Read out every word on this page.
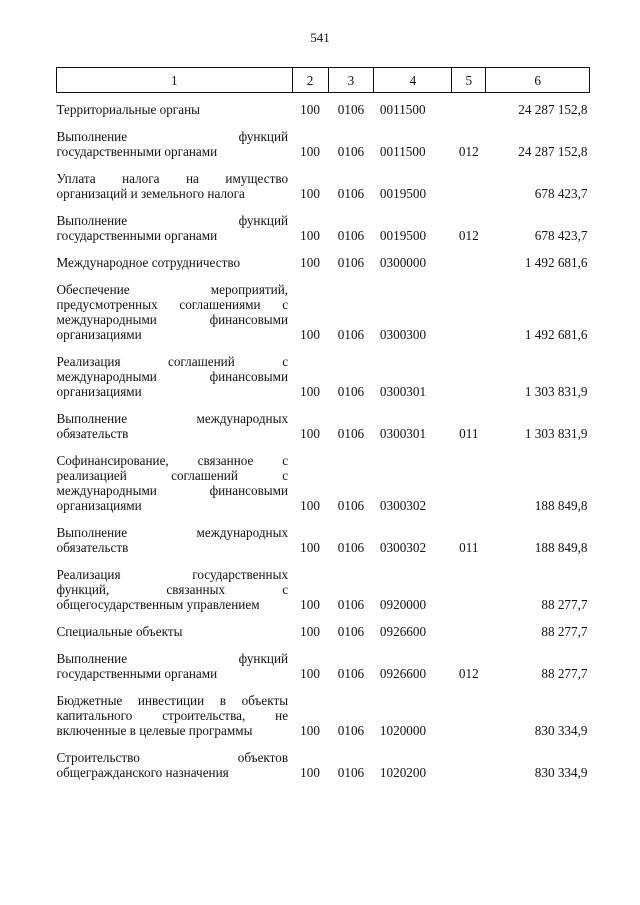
541
1	2	3	4	5	6

Территориальные органы	100	0106	0011500		24 287 152,8

Выполнение функций
государственными органами	100	0106	0011500	012	24 287 152,8

Уплата налога на имущество
организаций и земельного налога	100	0106	0019500		678 423,7

Выполнение функций
государственными органами	100	0106	0019500	012	678 423,7

Международное сотрудничество	100	0106	0300000		1 492 681,6

Обеспечение мероприятий,
предусмотренных соглашениями с
международными финансовыми
организациями	100	0106	0300300		1 492 681,6

Реализация соглашений с
международными финансовыми
организациями	100	0106	0300301		1 303 831,9

Выполнение международных
обязательств	100	0106	0300301	011	1 303 831,9

Софинансирование, связанное с
реализацией соглашений с
международными финансовыми
организациями	100	0106	0300302		188 849,8

Выполнение международных
обязательств	100	0106	0300302	011	188 849,8

Реализация государственных
функций, связанных с
общегосударственным управлением	100	0106	0920000		88 277,7

Специальные объекты	100	0106	0926600		88 277,7

Выполнение функций
государственными органами	100	0106	0926600	012	88 277,7

Бюджетные инвестиции в объекты
капитального строительства, не
включенные в целевые программы	100	0106	1020000		830 334,9

Строительство объектов
общегражданского назначения	100	0106	1020200		830 334,9
